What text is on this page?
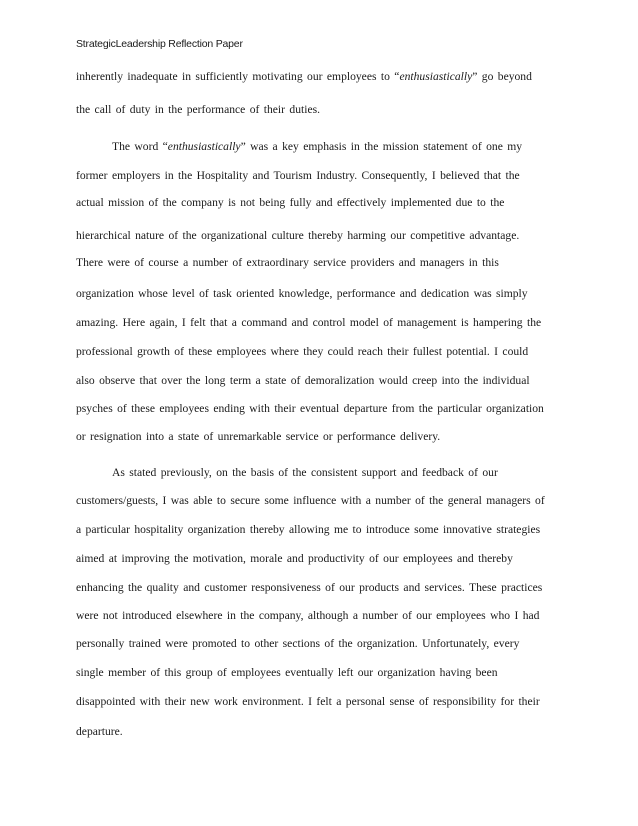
StrategicLeadership Reflection Paper
inherently inadequate in sufficiently motivating our employees to “enthusiastically” go beyond
the call of duty in the performance of their duties.
The word “enthusiastically” was a key emphasis in the mission statement of one my
former employers in the Hospitality and Tourism Industry. Consequently, I believed that the
actual mission of the company is not being fully and effectively implemented due to the
hierarchical nature of the organizational culture thereby harming our competitive advantage.
There were of course a number of extraordinary service providers and managers in this
organization whose level of task oriented knowledge, performance and dedication was simply
amazing. Here again, I felt that a command and control model of management is hampering the
professional growth of these employees where they could reach their fullest potential. I could
also observe that over the long term a state of demoralization would creep into the individual
psyches of these employees ending with their eventual departure from the particular organization
or resignation into a state of unremarkable service or performance delivery.
As stated previously, on the basis of the consistent support and feedback of our
customers/guests, I was able to secure some influence with a number of the general managers of
a particular hospitality organization thereby allowing me to introduce some innovative strategies
aimed at improving the motivation, morale and productivity of our employees and thereby
enhancing the quality and customer responsiveness of our products and services. These practices
were not introduced elsewhere in the company, although a number of our employees who I had
personally trained were promoted to other sections of the organization. Unfortunately, every
single member of this group of employees eventually left our organization having been
disappointed with their new work environment. I felt a personal sense of responsibility for their
departure.
